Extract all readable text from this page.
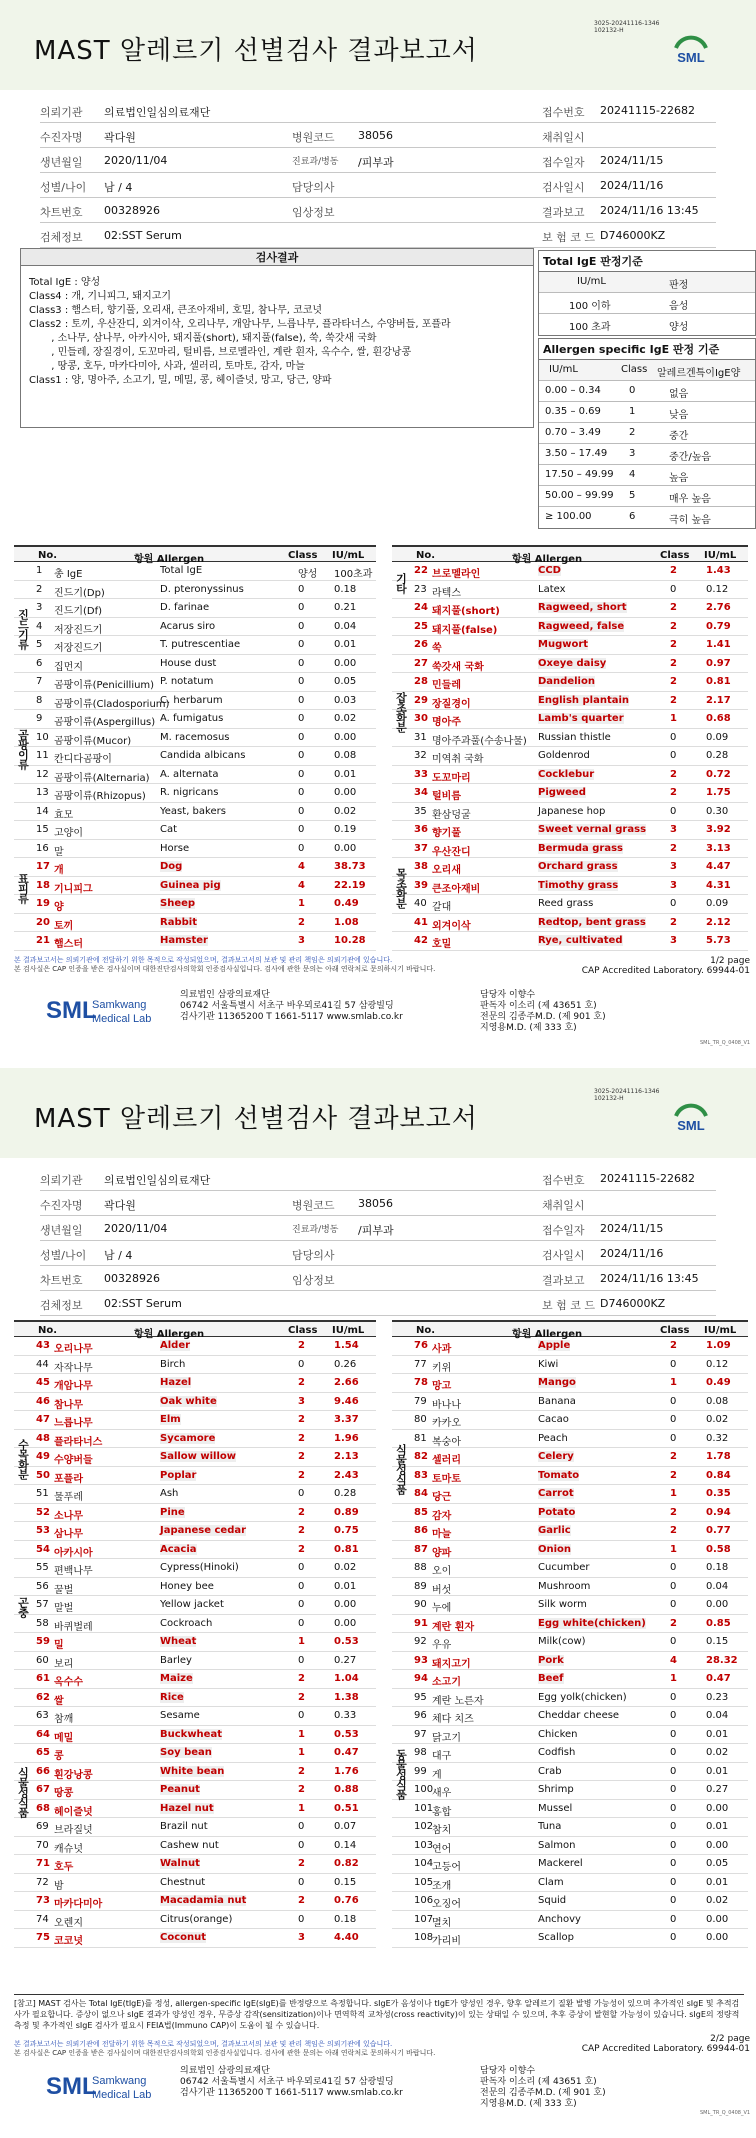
MAST 알레르기 선별검사 결과보고서
3025-20241116-1346
102132-H
SML
의뢰기관 의료법인일심의료재단	접수번호 20241115-22682
수진자명 곽다원	병원코드 38056	채취일시
생년월일 2020/11/04	진료과/병동 /피부과	접수일자 2024/11/15
성별/나이 남 / 4	담당의사	검사일시 2024/11/16
차트번호 00328926	임상정보	결과보고 2024/11/16 13:45
검체정보 02:SST Serum	보 험 코 드 D746000KZ
검사결과
Total IgE : 양성
Class4 : 개, 기니피그, 돼지고기
Class3 : 햄스터, 향기풀, 오리새, 큰조아재비, 호밀, 참나무, 코코넛
Class2 : 토끼, 우산잔디, 외겨이삭, 오리나무, 개암나무, 느릅나무, 플라타너스, 수양버들, 포플라
, 소나무, 삼나무, 아카시아, 돼지풀(short), 돼지풀(false), 쑥, 쑥갓새 국화
, 민들레, 장질경이, 도꼬마리, 털비름, 브로멜라인, 계란 흰자, 옥수수, 쌀, 흰강낭콩
, 땅콩, 호두, 마카다미아, 사과, 셀러리, 토마토, 감자, 마늘
Class1 : 양, 명아주, 소고기, 밀, 메밀, 콩, 헤이즐넛, 망고, 당근, 양파
Total IgE 판정기준
IU/mL	판정
100 이하	음성
100 초과	양성
Allergen specific IgE 판정 기준
IU/mL	Class 알레르겐특이IgE양
0.00 – 0.34	0	없음
0.35 – 0.69	1	낮음
0.70 – 3.49	2	중간
3.50 – 17.49 3	중간/높음
17.50 – 49.99 4	높음
50.00 – 99.99 5	매우 높음
≥ 100.00	6	극히 높음
No.	항원 Allergen	Class IU/mL
1 총 IgE	Total IgE	양성 100초과
2 진드기(Dp)	D. pteronyssinus	0	0.18
3 진드기(Df)	D. farinae	0	0.21
4 저장진드기	Acarus siro	0	0.04
5 저장진드기	T. putrescentiae	0	0.01
6 집먼지	House dust	0	0.00
7 곰팡이류(Penicillium) P. notatum	0	0.05
8 곰팡이류(Cladosporium)
C. herbarum	0	0.03
9 곰팡이류(Aspergillus) A. fumigatus	0	0.02
10 곰팡이류(Mucor)	M. racemosus	0	0.00
11 칸디다곰팡이	Candida albicans	0	0.08
12 곰팡이류(Alternaria) A. alternata	0	0.01
13 곰팡이류(Rhizopus) R. nigricans	0	0.00
14 효모	Yeast, bakers	0	0.02
15 고양이	Cat	0	0.19
16 말	Horse	0	0.00
17 개	Dog	4	38.73
18 기니피그	Guinea pig	4	22.19
19 양	Sheep	1	0.49
20 토끼	Rabbit	2	1.08
21 햄스터	Hamster	3	10.28
진드기류
곰팡이류
표피류
No.	항원 Allergen	Class IU/mL
22 브로멜라인	CCD	2	1.43
23 라텍스	Latex	0	0.12
24 돼지풀(short)	Ragweed, short	2	2.76
25 돼지풀(false)	Ragweed, false	2	0.79
26 쑥	Mugwort	2	1.41
27 쑥갓새 국화	Oxeye daisy	2	0.97
28 민들레	Dandelion	2	0.81
29 장질경이	English plantain	2	2.17
30 명아주	Lamb's quarter	1	0.68
31 명아주과풀(수송나물) Russian thistle	0	0.09
32 미역취 국화	Goldenrod	0	0.28
33 도꼬마리	Cocklebur	2	0.72
34 털비름	Pigweed	2	1.75
35 환삼덩굴	Japanese hop	0	0.30
36 향기풀	Sweet vernal grass 3	3.92
37 우산잔디	Bermuda grass	2	3.13
38 오리새	Orchard grass	3	4.47
39 큰조아재비	Timothy grass	3	4.31
40 갈대	Reed grass	0	0.09
41 외겨이삭	Redtop, bent grass 2	2.12
42 호밀	Rye, cultivated	3	5.73
기타
잡초화분
목초화분
본 결과보고서는 의뢰기관에 전달하기 위한 목적으로 작성되었으며, 결과보고서의 보관 및 관리 책임은 의뢰기관에 있습니다.
본 검사실은 CAP 인증을 받은 검사실이며 대한진단검사의학회 인증검사실입니다. 검사에 관한 문의는 아래 연락처로 문의하시기 바랍니다.
1/2 page
CAP Accredited Laboratory. 69944-01
SML
Samkwang
Medical Lab
의료법인 삼광의료재단
06742 서울특별시 서초구 바우뫼로41길 57 삼광빌딩
검사기관 11365200 T 1661-5117 www.smlab.co.kr
담당자 이향수
판독자 이소리 (제 43651 호)
전문의 김종주M.D. (제 901 호)
지영용M.D. (제 333 호)
SML_TR_Q_0408_V1
MAST 알레르기 선별검사 결과보고서
3025-20241116-1346
102132-H
SML
의뢰기관 의료법인일심의료재단	접수번호 20241115-22682
수진자명 곽다원	병원코드 38056	채취일시
생년월일 2020/11/04	진료과/병동 /피부과	접수일자 2024/11/15
성별/나이 남 / 4	담당의사	검사일시 2024/11/16
차트번호 00328926	임상정보	결과보고 2024/11/16 13:45
검체정보 02:SST Serum	보 험 코 드 D746000KZ
No.	항원 Allergen	Class IU/mL
43 오리나무	Alder	2	1.54
44 자작나무	Birch	0	0.26
45 개암나무	Hazel	2	2.66
46 참나무	Oak white	3	9.46
47 느릅나무	Elm	2	3.37
48 플라타너스	Sycamore	2	1.96
49 수양버들	Sallow willow	2	2.13
50 포플라	Poplar	2	2.43
51 물푸레	Ash	0	0.28
52 소나무	Pine	2	0.89
53 삼나무	Japanese cedar	2	0.75
54 아카시아	Acacia	2	0.81
55 편백나무	Cypress(Hinoki)	0	0.02
56 꿀벌	Honey bee	0	0.01
57 말벌	Yellow jacket	0	0.00
58 바퀴벌레	Cockroach	0	0.00
59 밀	Wheat	1	0.53
60 보리	Barley	0	0.27
61 옥수수	Maize	2	1.04
62 쌀	Rice	2	1.38
63 참깨	Sesame	0	0.33
64 메밀	Buckwheat	1	0.53
65 콩	Soy bean	1	0.47
66 흰강낭콩	White bean	2	1.76
67 땅콩	Peanut	2	0.88
68 헤이즐넛	Hazel nut	1	0.51
69 브라질넛	Brazil nut	0	0.07
70 캐슈넛	Cashew nut	0	0.14
71 호두	Walnut	2	0.82
72 밤	Chestnut	0	0.15
73 마카다미아	Macadamia nut	2	0.76
74 오렌지	Citrus(orange)	0	0.18
75 코코넛	Coconut	3	4.40
수목화분
곤충
식물성식품
No.	항원 Allergen	Class IU/mL
76 사과	Apple	2	1.09
77 키위	Kiwi	0	0.12
78 망고	Mango	1	0.49
79 바나나	Banana	0	0.08
80 카카오	Cacao	0	0.02
81 복숭아	Peach	0	0.32
82 셀러리	Celery	2	1.78
83 토마토	Tomato	2	0.84
84 당근	Carrot	1	0.35
85 감자	Potato	2	0.94
86 마늘	Garlic	2	0.77
87 양파	Onion	1	0.58
88 오이	Cucumber	0	0.18
89 버섯	Mushroom	0	0.04
90 누에	Silk worm	0	0.00
91 계란 흰자	Egg white(chicken) 2	0.85
92 우유	Milk(cow)	0	0.15
93 돼지고기	Pork	4	28.32
94 소고기	Beef	1	0.47
95 계란 노른자	Egg yolk(chicken)	0	0.23
96 체다 치즈	Cheddar cheese	0	0.04
97 닭고기	Chicken	0	0.01
98 대구	Codfish	0	0.02
99 게	Crab	0	0.01
100
새우	Shrimp	0	0.27
101
홍합	Mussel	0	0.00
102
참치	Tuna	0	0.01
103
연어	Salmon	0	0.00
104
고등어	Mackerel	0	0.05
105
조개	Clam	0	0.01
106
오징어	Squid	0	0.02
107
멸치	Anchovy	0	0.00
108
가리비	Scallop	0	0.00
식물성식품
동물성식품
[참고] MAST 검사는 Total IgE(tIgE)를 정성, allergen-specific IgE(sIgE)를 반정량으로 측정합니다. sIgE가 음성이나 tIgE가 양성인 경우, 향후 알레르기 질환 발병 가능성이 있으며 추가적인 sIgE 및 추적검사가 필요합니다. 증상이 없으나 sIgE 결과가 양성인 경우, 무증상 감작(sensitization)이나 면역학적 교차성(cross reactivity)이 있는 상태일 수 있으며, 추후 증상이 발현할 가능성이 있습니다. sIgE의 정량적 측정 및 추가적인 sIgE 검사가 필요시 FEIA법(Immuno CAP)이 도움이 될 수 있습니다.
본 결과보고서는 의뢰기관에 전달하기 위한 목적으로 작성되었으며, 결과보고서의 보관 및 관리 책임은 의뢰기관에 있습니다.
본 검사실은 CAP 인증을 받은 검사실이며 대한진단검사의학회 인증검사실입니다. 검사에 관한 문의는 아래 연락처로 문의하시기 바랍니다.
2/2 page
CAP Accredited Laboratory. 69944-01
SML
Samkwang
Medical Lab
의료법인 삼광의료재단
06742 서울특별시 서초구 바우뫼로41길 57 삼광빌딩
검사기관 11365200 T 1661-5117 www.smlab.co.kr
담당자 이향수
판독자 이소리 (제 43651 호)
전문의 김종주M.D. (제 901 호)
지영용M.D. (제 333 호)
SML_TR_Q_0408_V1
